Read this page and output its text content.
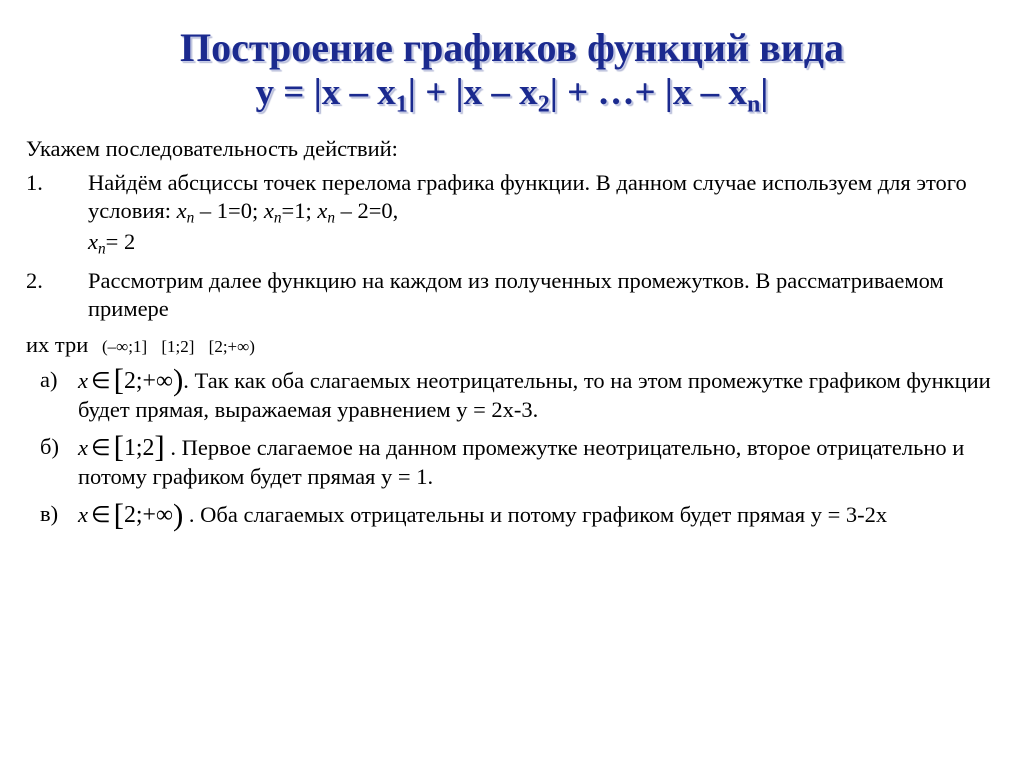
Построение графиков функций вида
$y = |x - x_1| + |x - x_2|$ + …+ $|x - x_n|$

Укажем последовательность действий:

1.	Найдём абсциссы точек перелома графика функции. В данном случае используем для этого условия: xn – 1=0; xn=1; xn – 2=0,
xn= 2
2.	Рассмотрим далее функцию на каждом из полученных промежутков. В рассматриваемом примере
их три (–∞;1] [1;2] [2;+∞)
а) x ∈[2;+∞). Так как оба слагаемых неотрицательны, то на этом промежутке графиком функции будет прямая, выражаемая уравнением y = 2x-3.
б) x ∈[1;2] . Первое слагаемое на данном промежутке неотрицательно, второе отрицательно и потому графиком будет прямая y = 1.
в) x ∈[2;+∞) . Оба слагаемых отрицательны и потому графиком будет прямая y = 3-2x
